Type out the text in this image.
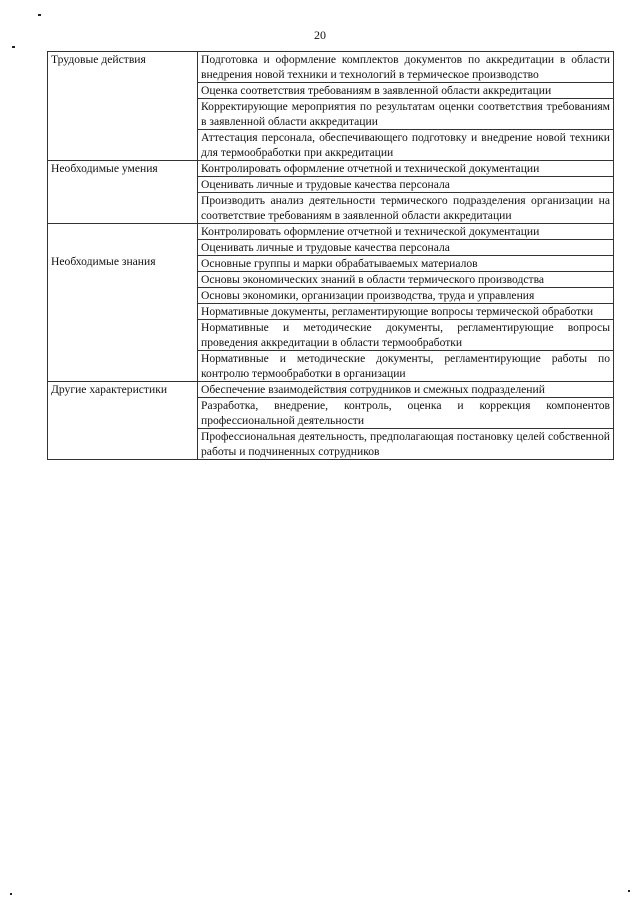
20
Трудовые действия	Подготовка и оформление комплектов документов по аккредитации в области внедрения новой техники и технологий в термическое производство
	Оценка соответствия требованиям в заявленной области аккредитации
	Корректирующие мероприятия по результатам оценки соответствия требованиям в заявленной области аккредитации
	Аттестация персонала, обеспечивающего подготовку и внедрение новой техники для термообработки при аккредитации
Необходимые умения	Контролировать оформление отчетной и технической документации
	Оценивать личные и трудовые качества персонала
	Производить анализ деятельности термического подразделения организации на соответствие требованиям в заявленной области аккредитации
Необходимые знания	Контролировать оформление отчетной и технической документации
	Оценивать личные и трудовые качества персонала
	Основные группы и марки обрабатываемых материалов
	Основы экономических знаний в области термического производства
	Основы экономики, организации производства, труда и управления
	Нормативные документы, регламентирующие вопросы термической обработки
	Нормативные и методические документы, регламентирующие вопросы проведения аккредитации в области термообработки
	Нормативные и методические документы, регламентирующие работы по контролю термообработки в организации
Другие характеристики	Обеспечение взаимодействия сотрудников и смежных подразделений
	Разработка, внедрение, контроль, оценка и коррекция компонентов профессиональной деятельности
	Профессиональная деятельность, предполагающая постановку целей собственной работы и подчиненных сотрудников
